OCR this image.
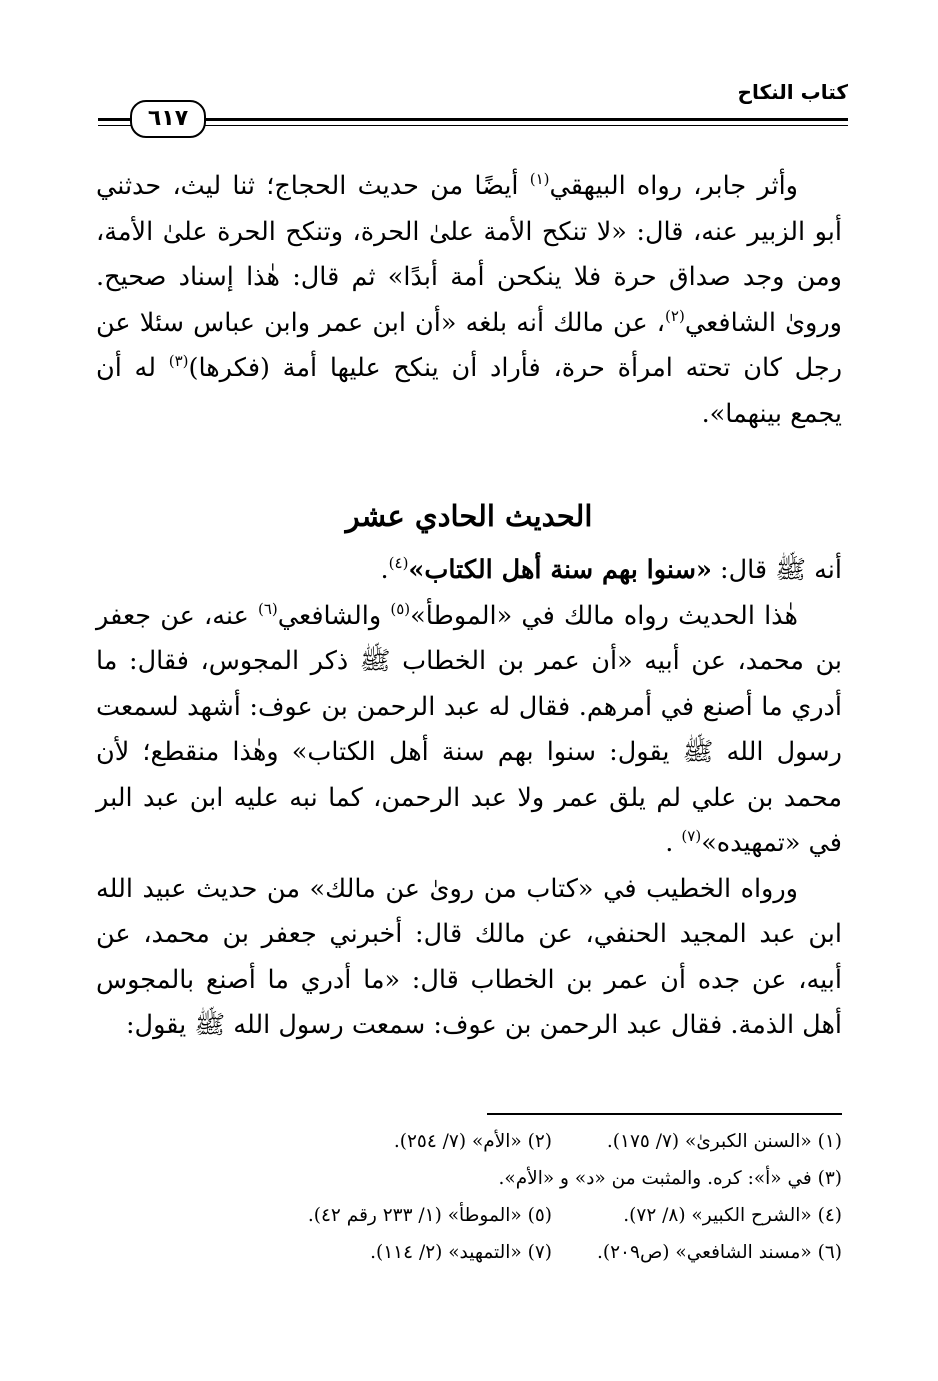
كتاب النكاح
٦١٧

وأثر جابر، رواه البيهقي$^{(١)}$ أيضًا من حديث الحجاج؛ ثنا ليث، حدثني أبو الزبير عنه، قال: «لا تنكح الأمة علىٰ الحرة، وتنكح الحرة علىٰ الأمة، ومن وجد صداق حرة فلا ينكحن أمة أبدًا» ثم قال: هٰذا إسناد صحيح. ورویٰ الشافعي$^{(٢)}$، عن مالك أنه بلغه «أن ابن عمر وابن عباس سئلا عن رجل كان تحته امرأة حرة، فأراد أن ينكح عليها أمة (فكرها)$^{(٣)}$ له أن يجمع بينهما».

الحديث الحادي عشر

أنه ﷺ قال: «سنوا بهم سنة أهل الكتاب»$^{(٤)}$.

هٰذا الحديث رواه مالك في «الموطأ»$^{(٥)}$ والشافعي$^{(٦)}$ عنه، عن جعفر بن محمد، عن أبيه «أن عمر بن الخطاب ﷺ ذكر المجوس، فقال: ما أدري ما أصنع في أمرهم. فقال له عبد الرحمن بن عوف: أشهد لسمعت رسول الله ﷺ يقول: سنوا بهم سنة أهل الكتاب» وهٰذا منقطع؛ لأن محمد بن علي لم يلق عمر ولا عبد الرحمن، كما نبه عليه ابن عبد البر في «تمهيده»$^{(٧)}$ .

ورواه الخطيب في «كتاب من رویٰ عن مالك» من حديث عبيد الله ابن عبد المجيد الحنفي، عن مالك قال: أخبرني جعفر بن محمد، عن أبيه، عن جده أن عمر بن الخطاب قال: «ما أدري ما أصنع بالمجوس أهل الذمة. فقال عبد الرحمن بن عوف: سمعت رسول الله ﷺ يقول:

(١) «السنن الكبرىٰ» (٧/ ١٧٥).
(٢) «الأم» (٧/ ٢٥٤).
(٣) في «أ»: كره. والمثبت من «د» و «الأم».
(٤) «الشرح الكبير» (٨/ ٧٢).
(٥) «الموطأ» (١/ ٢٣٣ رقم ٤٢).
(٦) «مسند الشافعي» (ص٢٠٩).
(٧) «التمهيد» (٢/ ١١٤).
